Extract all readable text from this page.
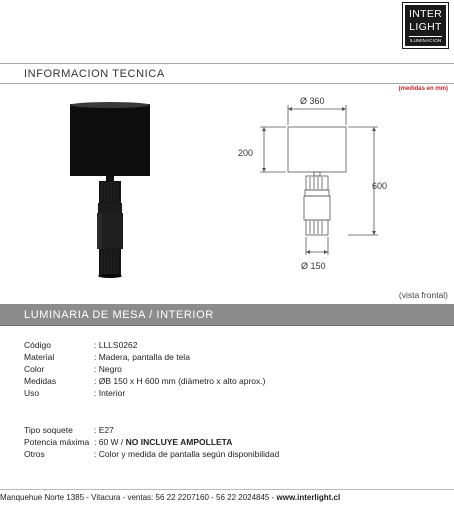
INTER
LIGHT
ILUMINACION
INFORMACION TECNICA
(medidas en mm)
Ø 360
200
600
Ø 150
(vista frontal)
LUMINARIA DE MESA / INTERIOR
Código	: LLLS0262
Material	: Madera, pantalla de tela
Color	: Negro
Medidas	: ØB 150 x H 600 mm (diámetro x alto aprox.)
Uso	: Interior
Tipo soquete : E27
Potencia máxima : 60 W / NO INCLUYE AMPOLLETA
Otros	: Color y medida de pantalla según disponibilidad
Manquehue Norte 1385 - Vitacura - ventas: 56 22 2207160 - 56 22 2024845 - www.interlight.cl
